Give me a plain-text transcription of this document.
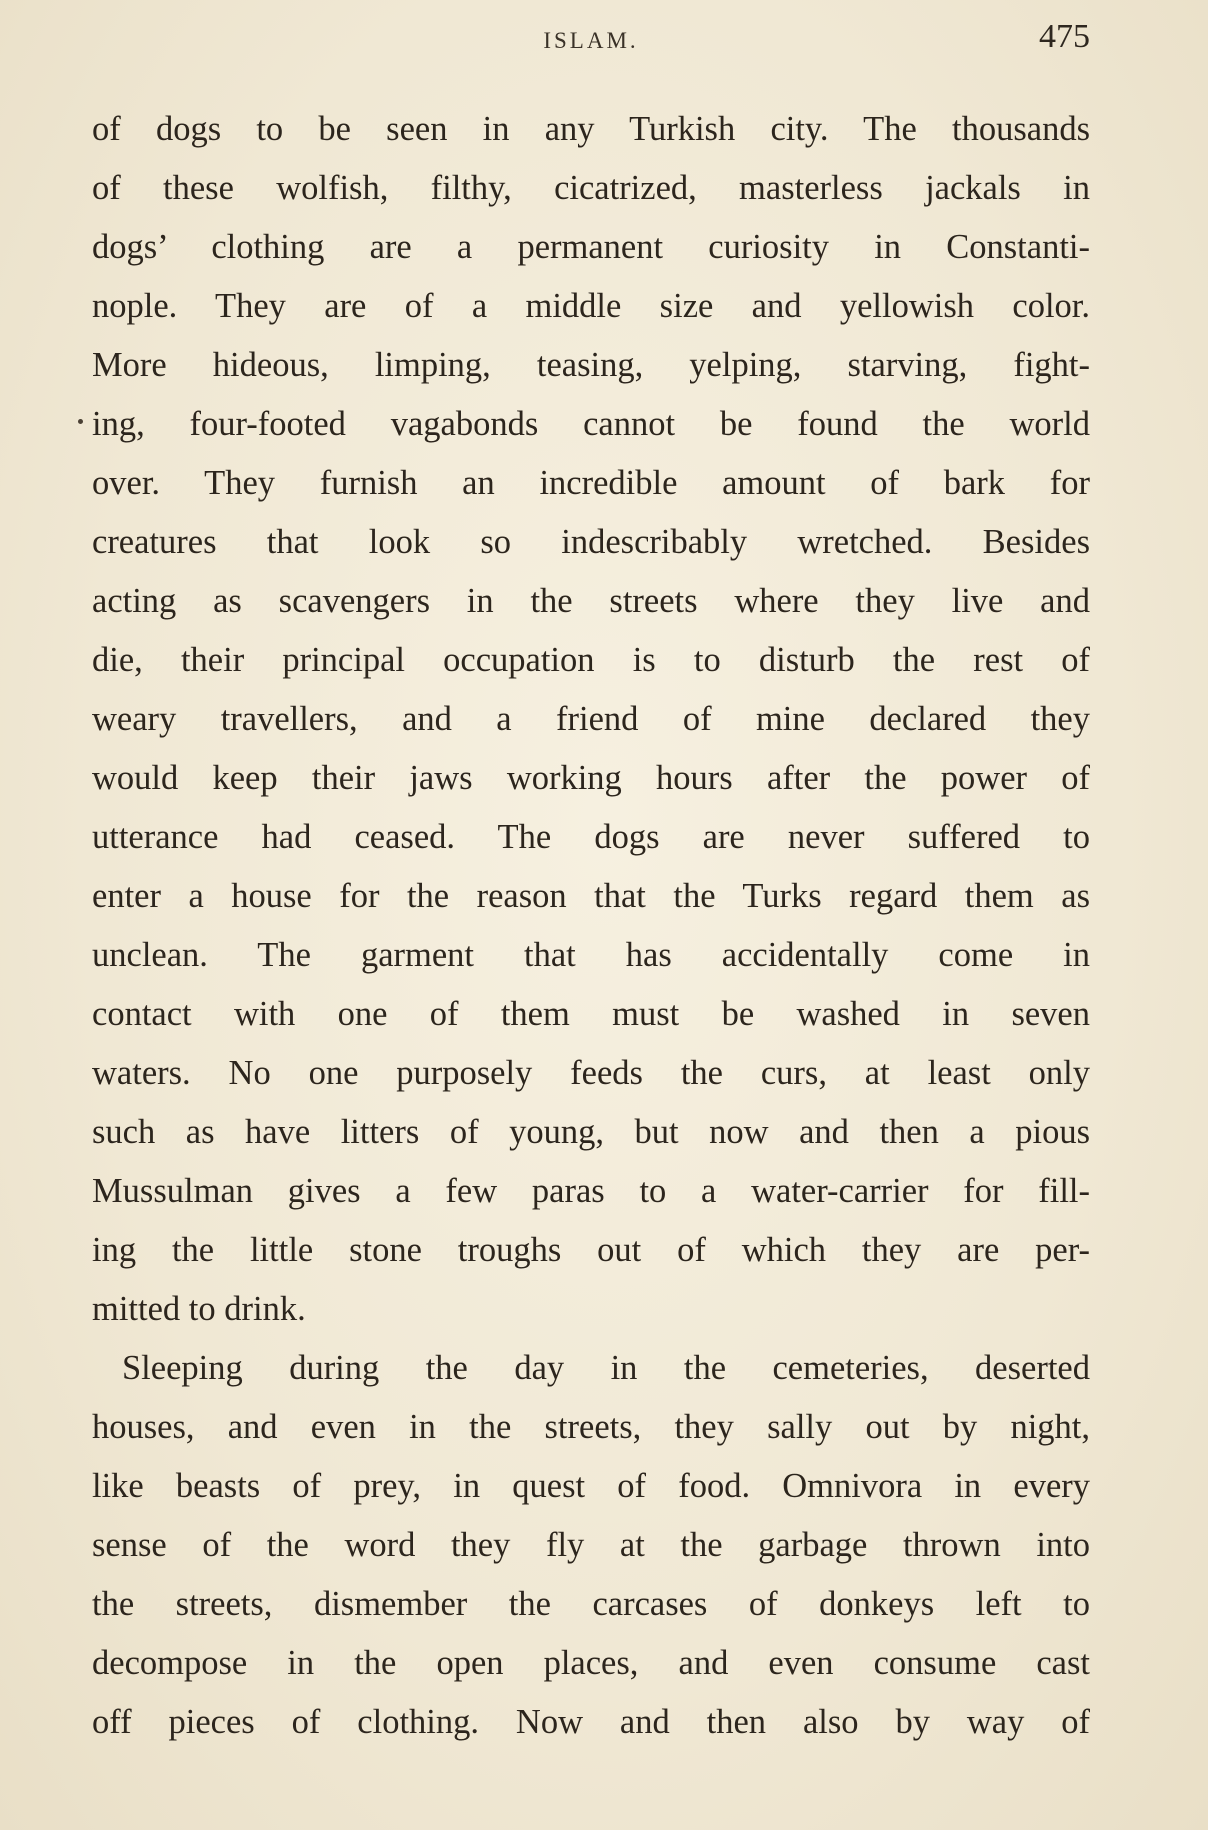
ISLAM.	475
of dogs to be seen in any Turkish city. The thousands
of these wolfish, filthy, cicatrized, masterless jackals in
dogs’ clothing are a permanent curiosity in Constanti-
nople. They are of a middle size and yellowish color.
More hideous, limping, teasing, yelping, starving, fight-
ing, four-footed vagabonds cannot be found the world
over. They furnish an incredible amount of bark for
creatures that look so indescribably wretched. Besides
acting as scavengers in the streets where they live and
die, their principal occupation is to disturb the rest of
weary travellers, and a friend of mine declared they
would keep their jaws working hours after the power of
utterance had ceased. The dogs are never suffered to
enter a house for the reason that the Turks regard them as
unclean. The garment that has accidentally come in
contact with one of them must be washed in seven
waters. No one purposely feeds the curs, at least only
such as have litters of young, but now and then a pious
Mussulman gives a few paras to a water-carrier for fill-
ing the little stone troughs out of which they are per-
mitted to drink.
Sleeping during the day in the cemeteries, deserted
houses, and even in the streets, they sally out by night,
like beasts of prey, in quest of food. Omnivora in every
sense of the word they fly at the garbage thrown into
the streets, dismember the carcases of donkeys left to
decompose in the open places, and even consume cast
off pieces of clothing. Now and then also by way of
